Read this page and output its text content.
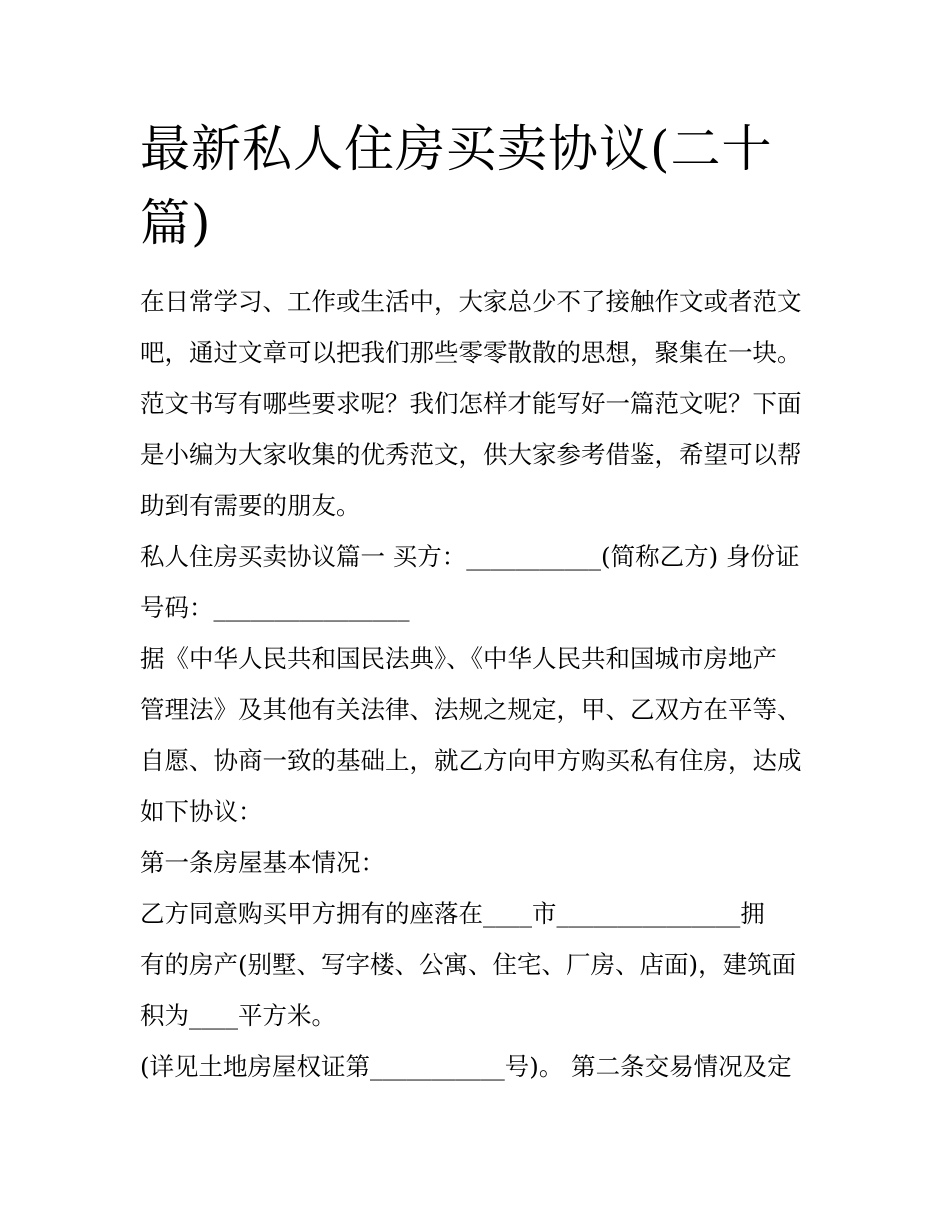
最新私人住房买卖协议(二十
篇)

在日常学习、工作或生活中，大家总少不了接触作文或者范文

吧，通过文章可以把我们那些零零散散的思想，聚集在一块。

范文书写有哪些要求呢？我们怎样才能写好一篇范文呢？下面

是小编为大家收集的优秀范文，供大家参考借鉴，希望可以帮

助到有需要的朋友。

私人住房买卖协议篇一 买方：___________(简称乙方) 身份证

号码：________________

据《中华人民共和国民法典》、《中华人民共和国城市房地产

管理法》及其他有关法律、法规之规定，甲、乙双方在平等、

自愿、协商一致的基础上，就乙方向甲方购买私有住房，达成

如下协议：

第一条房屋基本情况：

乙方同意购买甲方拥有的座落在____市_______________拥

有的房产(别墅、写字楼、公寓、住宅、厂房、店面)，建筑面

积为____平方米。

(详见土地房屋权证第___________号)。 第二条交易情况及定
